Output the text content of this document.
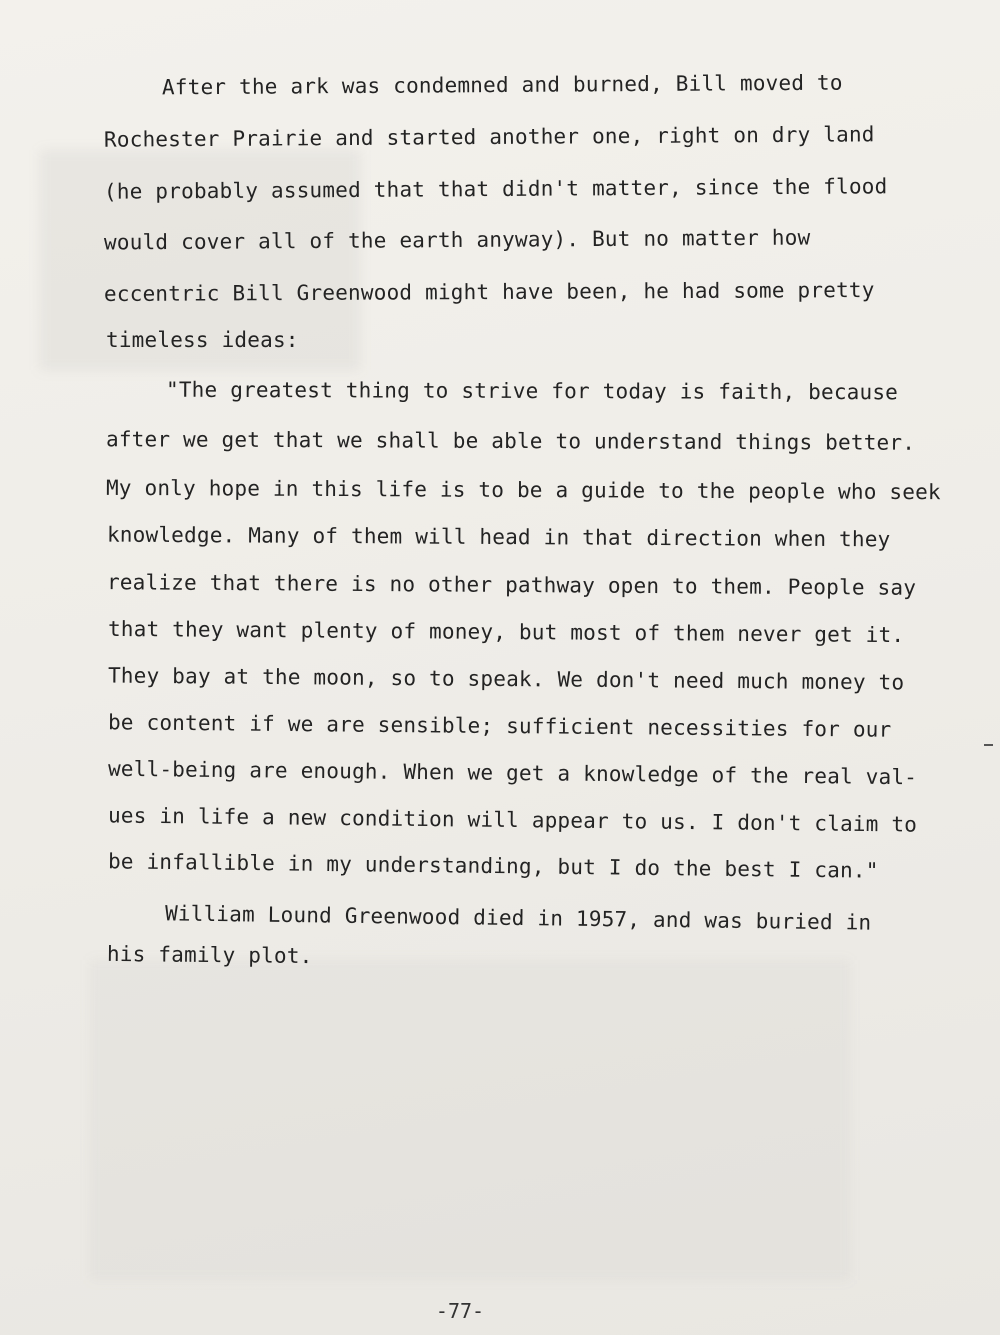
After the ark was condemned and burned, Bill moved to

Rochester Prairie and started another one, right on dry land

(he probably assumed that that didn't matter, since the flood

would cover all of the earth anyway). But no matter how

eccentric Bill Greenwood might have been, he had some pretty

timeless ideas:

"The greatest thing to strive for today is faith, because

after we get that we shall be able to understand things better.

My only hope in this life is to be a guide to the people who seek

knowledge. Many of them will head in that direction when they

realize that there is no other pathway open to them. People say

that they want plenty of money, but most of them never get it.

They bay at the moon, so to speak. We don't need much money to

be content if we are sensible; sufficient necessities for our

well-being are enough. When we get a knowledge of the real val-

ues in life a new condition will appear to us. I don't claim to

be infallible in my understanding, but I do the best I can."

William Lound Greenwood died in 1957, and was buried in

his family plot.

-77-
